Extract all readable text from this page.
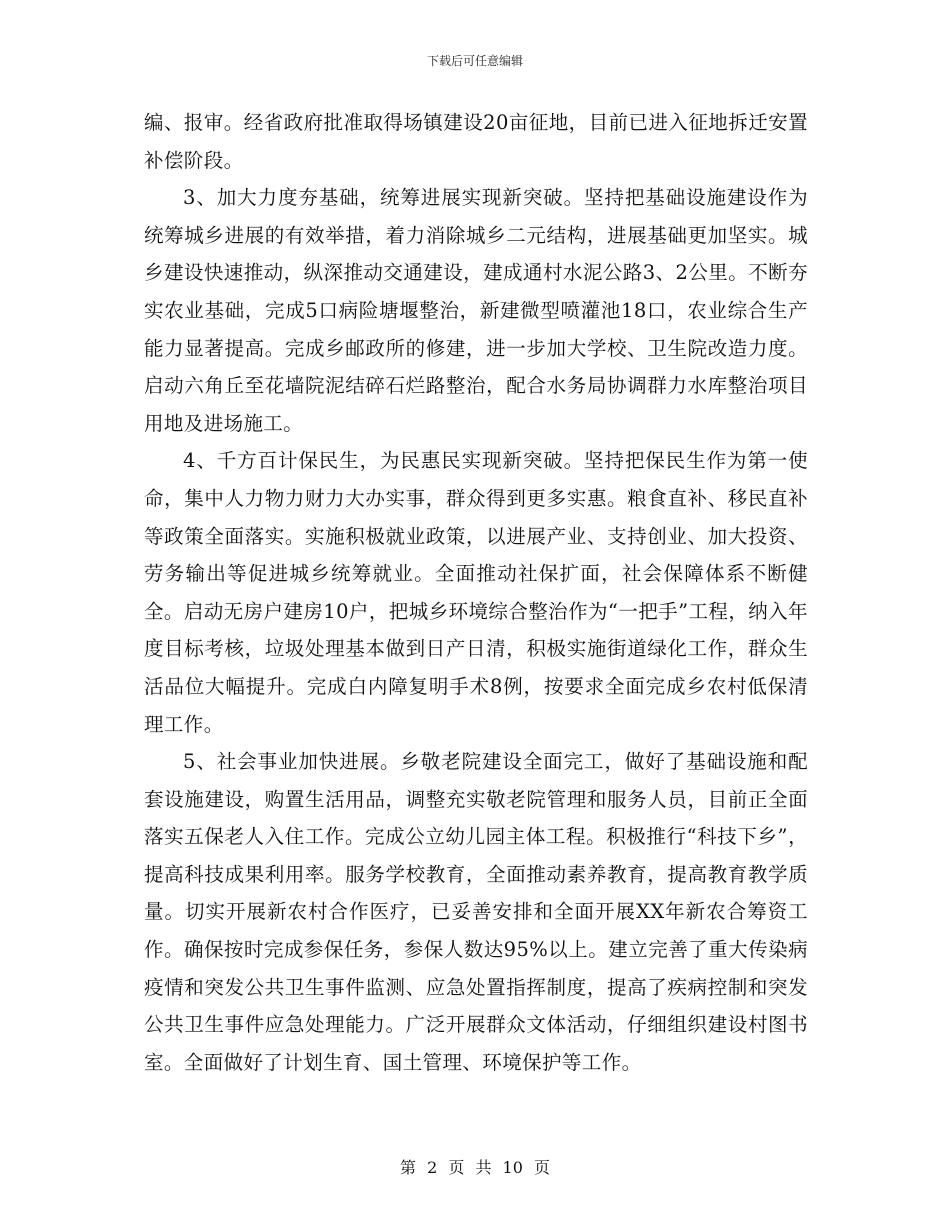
下载后可任意编辑

编、报审。经省政府批准取得场镇建设20亩征地，目前已进入征地拆迁安置补偿阶段。

3、加大力度夯基础，统筹进展实现新突破。坚持把基础设施建设作为统筹城乡进展的有效举措，着力消除城乡二元结构，进展基础更加坚实。城乡建设快速推动，纵深推动交通建设，建成通村水泥公路3、2公里。不断夯实农业基础，完成5口病险塘堰整治，新建微型喷灌池18口，农业综合生产能力显著提高。完成乡邮政所的修建，进一步加大学校、卫生院改造力度。启动六角丘至花墙院泥结碎石烂路整治，配合水务局协调群力水库整治项目用地及进场施工。

4、千方百计保民生，为民惠民实现新突破。坚持把保民生作为第一使命，集中人力物力财力大办实事，群众得到更多实惠。粮食直补、移民直补等政策全面落实。实施积极就业政策，以进展产业、支持创业、加大投资、劳务输出等促进城乡统筹就业。全面推动社保扩面，社会保障体系不断健全。启动无房户建房10户，把城乡环境综合整治作为“一把手”工程，纳入年度目标考核，垃圾处理基本做到日产日清，积极实施街道绿化工作，群众生活品位大幅提升。完成白内障复明手术8例，按要求全面完成乡农村低保清理工作。

5、社会事业加快进展。乡敬老院建设全面完工，做好了基础设施和配套设施建设，购置生活用品，调整充实敬老院管理和服务人员，目前正全面落实五保老人入住工作。完成公立幼儿园主体工程。积极推行“科技下乡”，提高科技成果利用率。服务学校教育，全面推动素养教育，提高教育教学质量。切实开展新农村合作医疗，已妥善安排和全面开展XX年新农合筹资工作。确保按时完成参保任务，参保人数达95%以上。建立完善了重大传染病疫情和突发公共卫生事件监测、应急处置指挥制度，提高了疾病控制和突发公共卫生事件应急处理能力。广泛开展群众文体活动，仔细组织建设村图书室。全面做好了计划生育、国土管理、环境保护等工作。

第 2 页 共 10 页
